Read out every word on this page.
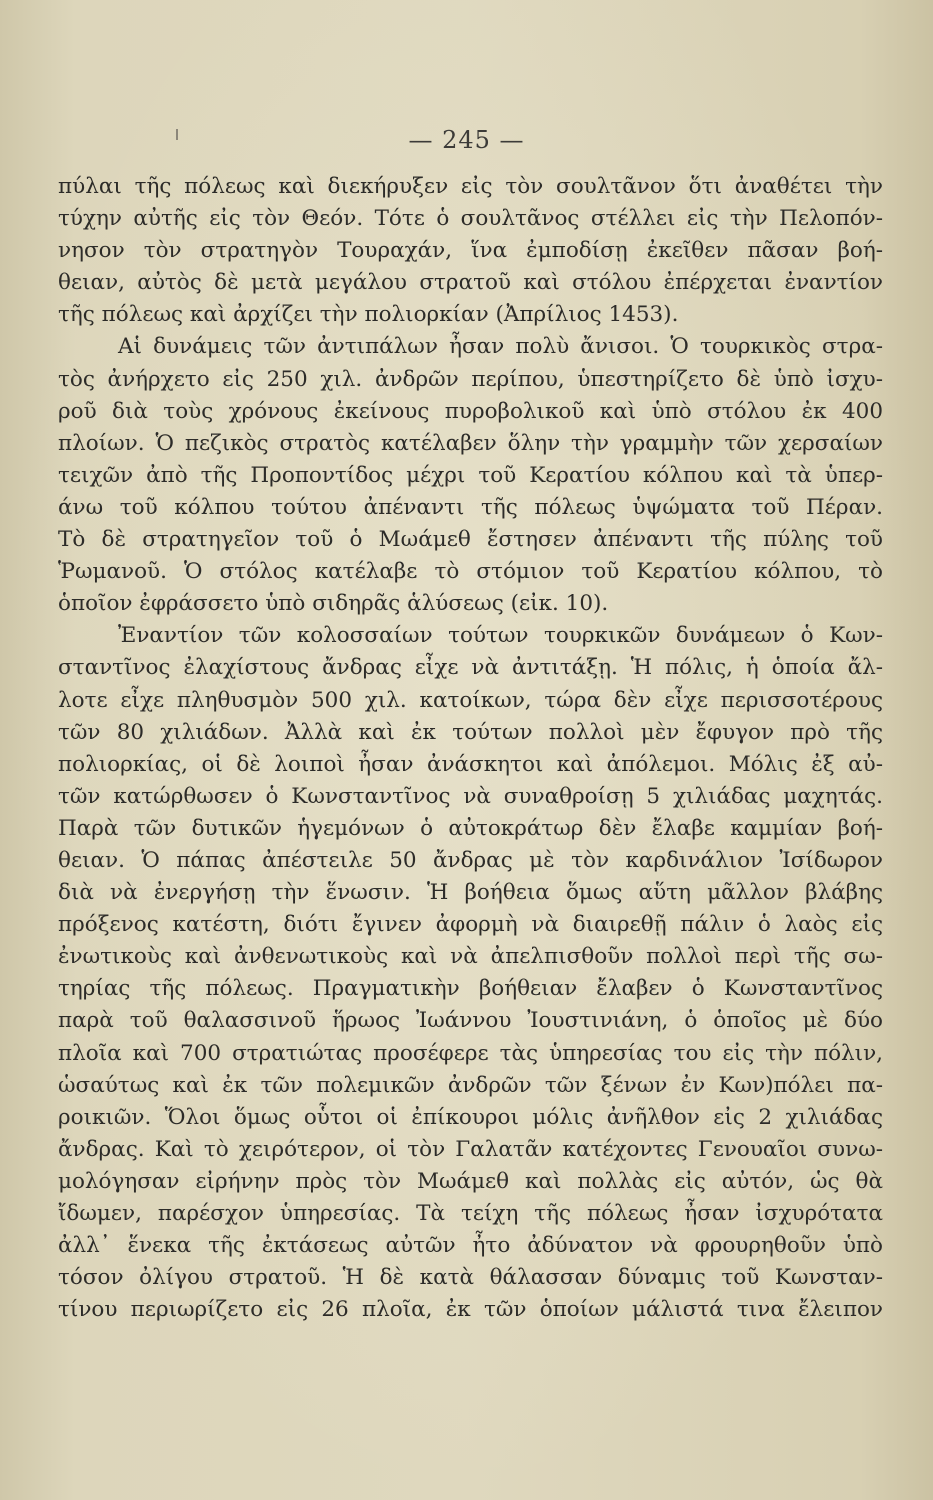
— 245 —
πύλαι τῆς πόλεως καὶ διεκήρυξεν εἰς τὸν σουλτᾶνον ὅτι ἀναθέτει τὴν
τύχην αὐτῆς εἰς τὸν Θεόν. Τότε ὁ σουλτᾶνος στέλλει εἰς τὴν Πελοπόν-
νησον τὸν στρατηγὸν Τουραχάν, ἵνα ἐμποδίσῃ ἐκεῖθεν πᾶσαν βοή-
θειαν, αὐτὸς δὲ μετὰ μεγάλου στρατοῦ καὶ στόλου ἐπέρχεται ἐναντίον
τῆς πόλεως καὶ ἀρχίζει τὴν πολιορκίαν (Ἀπρίλιος 1453).
Αἱ δυνάμεις τῶν ἀντιπάλων ἦσαν πολὺ ἄνισοι. Ὁ τουρκικὸς στρα-
τὸς ἀνήρχετο εἰς 250 χιλ. ἀνδρῶν περίπου, ὑπεστηρίζετο δὲ ὑπὸ ἰσχυ-
ροῦ διὰ τοὺς χρόνους ἐκείνους πυροβολικοῦ καὶ ὑπὸ στόλου ἐκ 400
πλοίων. Ὁ πεζικὸς στρατὸς κατέλαβεν ὅλην τὴν γραμμὴν τῶν χερσαίων
τειχῶν ἀπὸ τῆς Προποντίδος μέχρι τοῦ Κερατίου κόλπου καὶ τὰ ὑπερ-
άνω τοῦ κόλπου τούτου ἀπέναντι τῆς πόλεως ὑψώματα τοῦ Πέραν.
Τὸ δὲ στρατηγεῖον τοῦ ὁ Μωάμεθ ἔστησεν ἀπέναντι τῆς πύλης τοῦ
Ῥωμανοῦ. Ὁ στόλος κατέλαβε τὸ στόμιον τοῦ Κερατίου κόλπου, τὸ
ὁποῖον ἐφράσσετο ὑπὸ σιδηρᾶς ἁλύσεως (εἰκ. 10).
Ἐναντίον τῶν κολοσσαίων τούτων τουρκικῶν δυνάμεων ὁ Κων-
σταντῖνος ἐλαχίστους ἄνδρας εἶχε νὰ ἀντιτάξῃ. Ἡ πόλις, ἡ ὁποία ἄλ-
λοτε εἶχε πληθυσμὸν 500 χιλ. κατοίκων, τώρα δὲν εἶχε περισσοτέρους
τῶν 80 χιλιάδων. Ἀλλὰ καὶ ἐκ τούτων πολλοὶ μὲν ἔφυγον πρὸ τῆς
πολιορκίας, οἱ δὲ λοιποὶ ἦσαν ἀνάσκητοι καὶ ἀπόλεμοι. Μόλις ἐξ αὐ-
τῶν κατώρθωσεν ὁ Κωνσταντῖνος νὰ συναθροίσῃ 5 χιλιάδας μαχητάς.
Παρὰ τῶν δυτικῶν ἡγεμόνων ὁ αὐτοκράτωρ δὲν ἔλαβε καμμίαν βοή-
θειαν. Ὁ πάπας ἀπέστειλε 50 ἄνδρας μὲ τὸν καρδινάλιον Ἰσίδωρον
διὰ νὰ ἐνεργήσῃ τὴν ἕνωσιν. Ἡ βοήθεια ὅμως αὕτη μᾶλλον βλάβης
πρόξενος κατέστη, διότι ἔγινεν ἀφορμὴ νὰ διαιρεθῇ πάλιν ὁ λαὸς εἰς
ἐνωτικοὺς καὶ ἀνθενωτικοὺς καὶ νὰ ἀπελπισθοῦν πολλοὶ περὶ τῆς σω-
τηρίας τῆς πόλεως. Πραγματικὴν βοήθειαν ἔλαβεν ὁ Κωνσταντῖνος
παρὰ τοῦ θαλασσινοῦ ἥρωος Ἰωάννου Ἰουστινιάνη, ὁ ὁποῖος μὲ δύο
πλοῖα καὶ 700 στρατιώτας προσέφερε τὰς ὑπηρεσίας του εἰς τὴν πόλιν,
ὡσαύτως καὶ ἐκ τῶν πολεμικῶν ἀνδρῶν τῶν ξένων ἐν Κων)πόλει πα-
ροικιῶν. Ὅλοι ὅμως οὗτοι οἱ ἐπίκουροι μόλις ἀνῆλθον εἰς 2 χιλιάδας
ἄνδρας. Καὶ τὸ χειρότερον, οἱ τὸν Γαλατᾶν κατέχοντες Γενουαῖοι συνω-
μολόγησαν εἰρήνην πρὸς τὸν Μωάμεθ καὶ πολλὰς εἰς αὐτόν, ὡς θὰ
ἴδωμεν, παρέσχον ὑπηρεσίας. Τὰ τείχη τῆς πόλεως ἦσαν ἰσχυρότατα
ἀλλ᾽ ἕνεκα τῆς ἐκτάσεως αὐτῶν ἦτο ἀδύνατον νὰ φρουρηθοῦν ὑπὸ
τόσον ὀλίγου στρατοῦ. Ἡ δὲ κατὰ θάλασσαν δύναμις τοῦ Κωνσταν-
τίνου περιωρίζετο εἰς 26 πλοῖα, ἐκ τῶν ὁποίων μάλιστά τινα ἔλειπον
